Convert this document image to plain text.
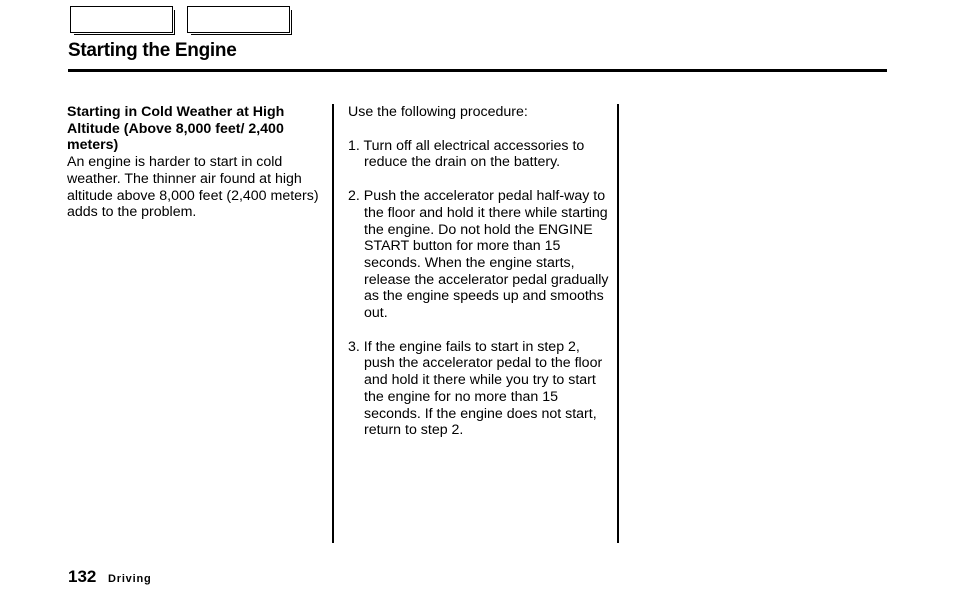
Starting the Engine

Starting in Cold Weather at High Altitude (Above 8,000 feet/ 2,400 meters)

An engine is harder to start in cold weather. The thinner air found at high altitude above 8,000 feet (2,400 meters) adds to the problem.

Use the following procedure:

1. Turn off all electrical accessories to reduce the drain on the battery.

2. Push the accelerator pedal half-way to the floor and hold it there while starting the engine. Do not hold the ENGINE START button for more than 15 seconds. When the engine starts, release the accelerator pedal gradually as the engine speeds up and smooths out.

3. If the engine fails to start in step 2, push the accelerator pedal to the floor and hold it there while you try to start the engine for no more than 15 seconds. If the engine does not start, return to step 2.

132 Driving
